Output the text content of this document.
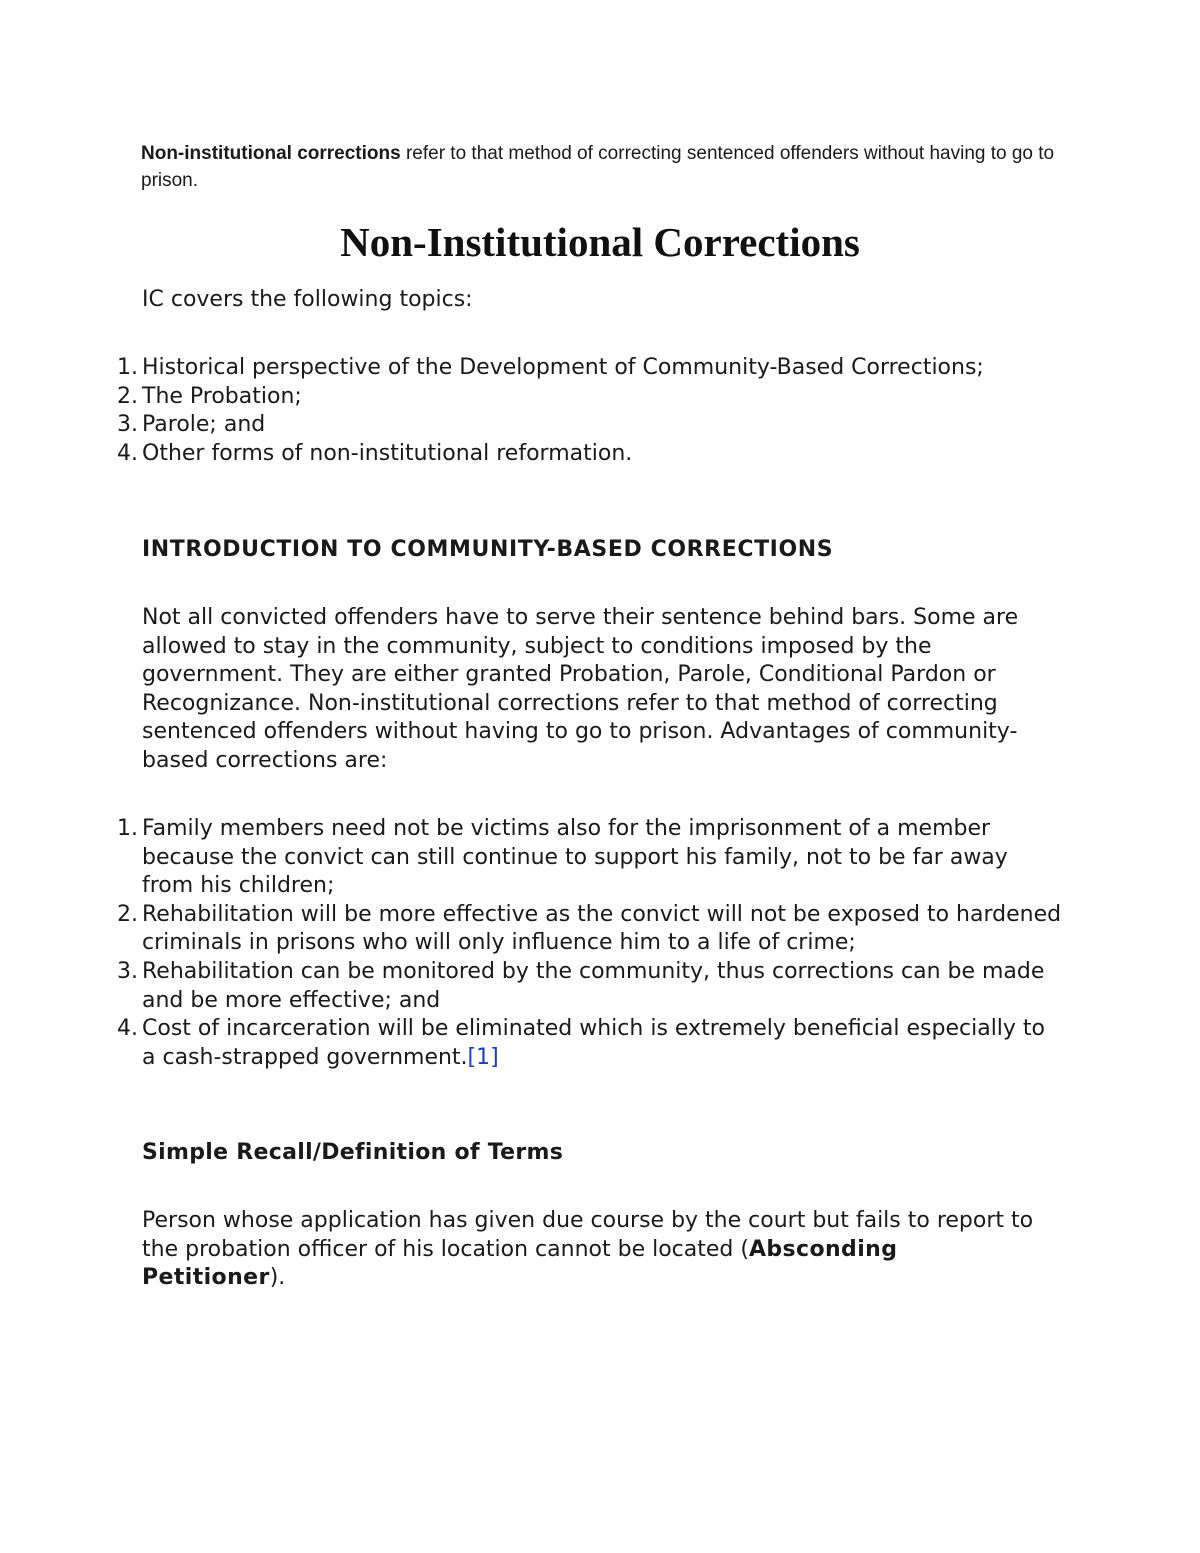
Non-institutional corrections refer to that method of correcting sentenced offenders without having to go to prison.
Non-Institutional Corrections
IC covers the following topics:
1. Historical perspective of the Development of Community-Based Corrections;
2. The Probation;
3. Parole; and
4. Other forms of non-institutional reformation.
INTRODUCTION TO COMMUNITY-BASED CORRECTIONS
Not all convicted offenders have to serve their sentence behind bars. Some are allowed to stay in the community, subject to conditions imposed by the government. They are either granted Probation, Parole, Conditional Pardon or Recognizance. Non-institutional corrections refer to that method of correcting sentenced offenders without having to go to prison. Advantages of community-based corrections are:
1. Family members need not be victims also for the imprisonment of a member because the convict can still continue to support his family, not to be far away from his children;
2. Rehabilitation will be more effective as the convict will not be exposed to hardened criminals in prisons who will only influence him to a life of crime;
3. Rehabilitation can be monitored by the community, thus corrections can be made and be more effective; and
4. Cost of incarceration will be eliminated which is extremely beneficial especially to a cash-strapped government.[1]
Simple Recall/Definition of Terms
Person whose application has given due course by the court but fails to report to the probation officer of his location cannot be located (Absconding Petitioner).
